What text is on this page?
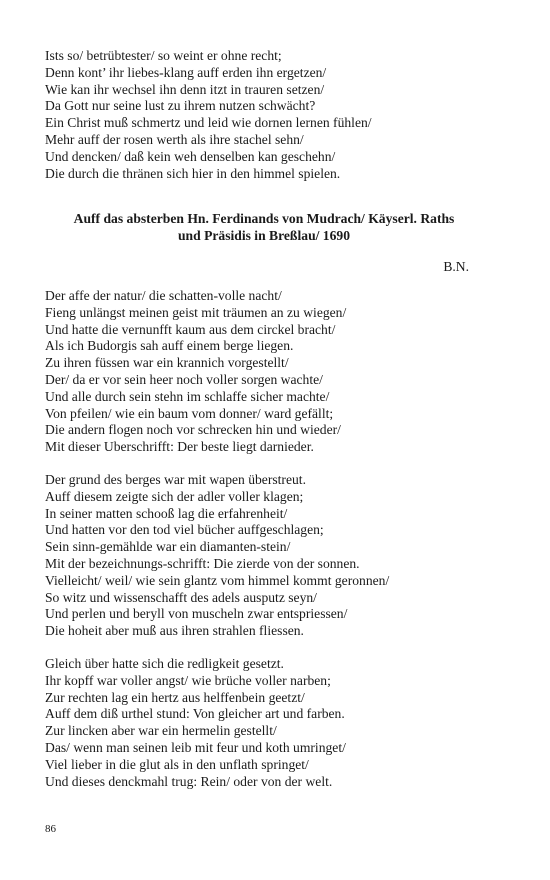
Ists so/ betrübtester/ so weint er ohne recht;
Denn kont’ ihr liebes-klang auff erden ihn ergetzen/
Wie kan ihr wechsel ihn denn itzt in trauren setzen/
Da Gott nur seine lust zu ihrem nutzen schwächt?
Ein Christ muß schmertz und leid wie dornen lernen fühlen/
Mehr auff der rosen werth als ihre stachel sehn/
Und dencken/ daß kein weh denselben kan geschehn/
Die durch die thränen sich hier in den himmel spielen.
Auff das absterben Hn. Ferdinands von Mudrach/ Käyserl. Raths
und Präsidis in Breßlau/ 1690
B.N.
Der affe der natur/ die schatten-volle nacht/
Fieng unlängst meinen geist mit träumen an zu wiegen/
Und hatte die vernunfft kaum aus dem circkel bracht/
Als ich Budorgis sah auff einem berge liegen.
Zu ihren füssen war ein krannich vorgestellt/
Der/ da er vor sein heer noch voller sorgen wachte/
Und alle durch sein stehn im schlaffe sicher machte/
Von pfeilen/ wie ein baum vom donner/ ward gefällt;
Die andern flogen noch vor schrecken hin und wieder/
Mit dieser Uberschrifft: Der beste liegt darnieder.
Der grund des berges war mit wapen überstreut.
Auff diesem zeigte sich der adler voller klagen;
In seiner matten schooß lag die erfahrenheit/
Und hatten vor den tod viel bücher auffgeschlagen;
Sein sinn-gemählde war ein diamanten-stein/
Mit der bezeichnungs-schrifft: Die zierde von der sonnen.
Vielleicht/ weil/ wie sein glantz vom himmel kommt geronnen/
So witz und wissenschafft des adels ausputz seyn/
Und perlen und beryll von muscheln zwar entspriessen/
Die hoheit aber muß aus ihren strahlen fliessen.
Gleich über hatte sich die redligkeit gesetzt.
Ihr kopff war voller angst/ wie brüche voller narben;
Zur rechten lag ein hertz aus helffenbein geetzt/
Auff dem diß urthel stund: Von gleicher art und farben.
Zur lincken aber war ein hermelin gestellt/
Das/ wenn man seinen leib mit feur und koth umringet/
Viel lieber in die glut als in den unflath springet/
Und dieses denckmahl trug: Rein/ oder von der welt.
86
